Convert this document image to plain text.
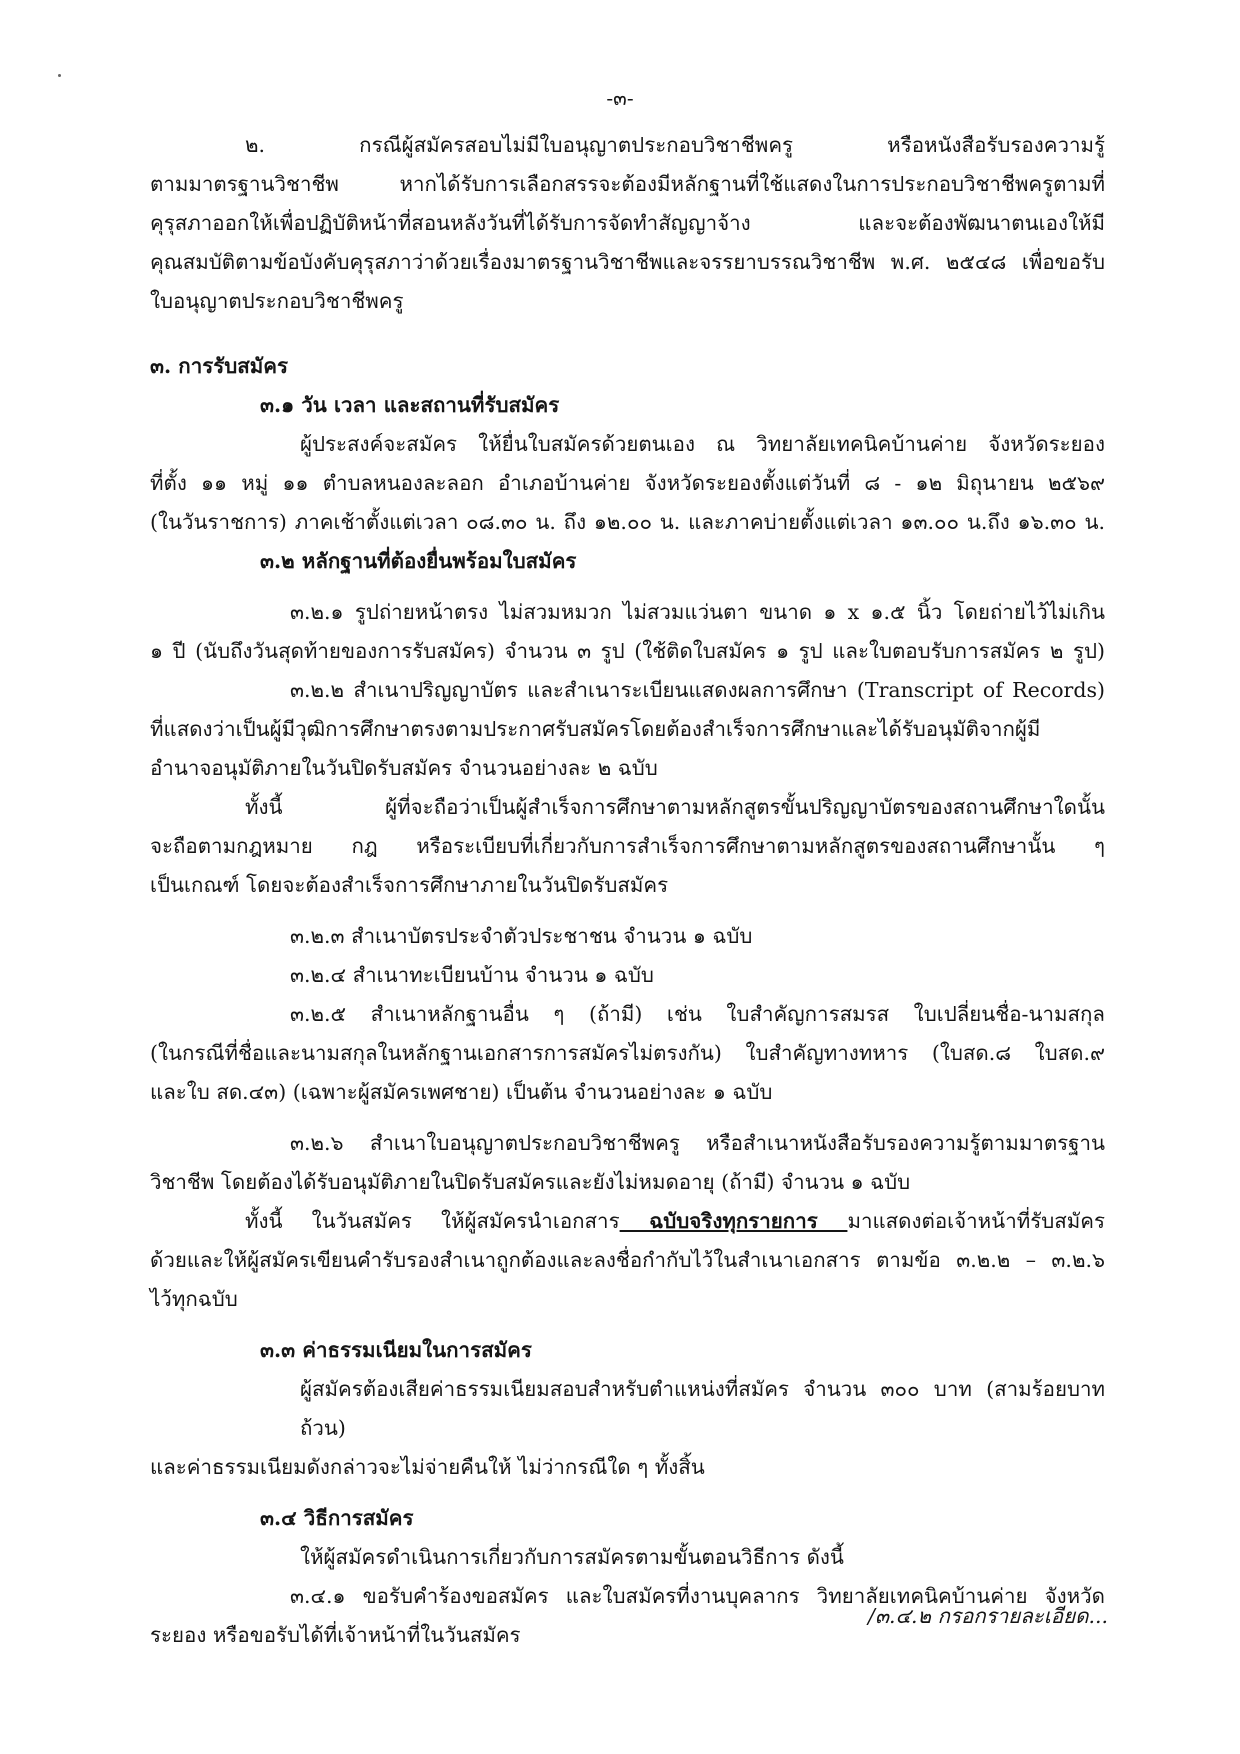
-๓-

๒. กรณีผู้สมัครสอบไม่มีใบอนุญาตประกอบวิชาชีพครู หรือหนังสือรับรองความรู้

ตามมาตรฐานวิชาชีพ หากได้รับการเลือกสรรจะต้องมีหลักฐานที่ใช้แสดงในการประกอบวิชาชีพครูตามที่

คุรุสภาออกให้เพื่อปฏิบัติหน้าที่สอนหลังวันที่ได้รับการจัดทำสัญญาจ้าง และจะต้องพัฒนาตนเองให้มี

คุณสมบัติตามข้อบังคับคุรุสภาว่าด้วยเรื่องมาตรฐานวิชาชีพและจรรยาบรรณวิชาชีพ พ.ศ. ๒๕๔๘ เพื่อขอรับ

ใบอนุญาตประกอบวิชาชีพครู

๓. การรับสมัคร

๓.๑ วัน เวลา และสถานที่รับสมัคร

ผู้ประสงค์จะสมัคร ให้ยื่นใบสมัครด้วยตนเอง ณ วิทยาลัยเทคนิคบ้านค่าย จังหวัดระยอง

ที่ตั้ง ๑๑ หมู่ ๑๑ ตำบลหนองละลอก อำเภอบ้านค่าย จังหวัดระยองตั้งแต่วันที่ ๘ - ๑๒ มิถุนายน ๒๕๖๙

(ในวันราชการ) ภาคเช้าตั้งแต่เวลา ๐๘.๓๐ น. ถึง ๑๒.๐๐ น. และภาคบ่ายตั้งแต่เวลา ๑๓.๐๐ น.ถึง ๑๖.๓๐ น.

๓.๒ หลักฐานที่ต้องยื่นพร้อมใบสมัคร

๓.๒.๑ รูปถ่ายหน้าตรง ไม่สวมหมวก ไม่สวมแว่นตา ขนาด ๑ x ๑.๕ นิ้ว โดยถ่ายไว้ไม่เกิน

๑ ปี (นับถึงวันสุดท้ายของการรับสมัคร) จำนวน ๓ รูป (ใช้ติดใบสมัคร ๑ รูป และใบตอบรับการสมัคร ๒ รูป)

๓.๒.๒ สำเนาปริญญาบัตร และสำเนาระเบียนแสดงผลการศึกษา (Transcript of Records)

ที่แสดงว่าเป็นผู้มีวุฒิการศึกษาตรงตามประกาศรับสมัครโดยต้องสำเร็จการศึกษาและได้รับอนุมัติจากผู้มี

อำนาจอนุมัติภายในวันปิดรับสมัคร จำนวนอย่างละ ๒ ฉบับ

ทั้งนี้ ผู้ที่จะถือว่าเป็นผู้สำเร็จการศึกษาตามหลักสูตรขั้นปริญญาบัตรของสถานศึกษาใดนั้น

จะถือตามกฎหมาย กฎ หรือระเบียบที่เกี่ยวกับการสำเร็จการศึกษาตามหลักสูตรของสถานศึกษานั้น ๆ

เป็นเกณฑ์ โดยจะต้องสำเร็จการศึกษาภายในวันปิดรับสมัคร

๓.๒.๓ สำเนาบัตรประจำตัวประชาชน จำนวน ๑ ฉบับ

๓.๒.๔ สำเนาทะเบียนบ้าน จำนวน ๑ ฉบับ

๓.๒.๕ สำเนาหลักฐานอื่น ๆ (ถ้ามี) เช่น ใบสำคัญการสมรส ใบเปลี่ยนชื่อ-นามสกุล

(ในกรณีที่ชื่อและนามสกุลในหลักฐานเอกสารการสมัครไม่ตรงกัน) ใบสำคัญทางทหาร (ใบสด.๘ ใบสด.๙

และใบ สด.๔๓) (เฉพาะผู้สมัครเพศชาย) เป็นต้น จำนวนอย่างละ ๑ ฉบับ

๓.๒.๖ สำเนาใบอนุญาตประกอบวิชาชีพครู หรือสำเนาหนังสือรับรองความรู้ตามมาตรฐาน

วิชาชีพ โดยต้องได้รับอนุมัติภายในปิดรับสมัครและยังไม่หมดอายุ (ถ้ามี) จำนวน ๑ ฉบับ

ทั้งนี้ ในวันสมัคร ให้ผู้สมัครนำเอกสาร ฉบับจริงทุกรายการ มาแสดงต่อเจ้าหน้าที่รับสมัคร

ด้วยและให้ผู้สมัครเขียนคำรับรองสำเนาถูกต้องและลงชื่อกำกับไว้ในสำเนาเอกสาร ตามข้อ ๓.๒.๒ – ๓.๒.๖

ไว้ทุกฉบับ

๓.๓ ค่าธรรมเนียมในการสมัคร

ผู้สมัครต้องเสียค่าธรรมเนียมสอบสำหรับตำแหน่งที่สมัคร จำนวน ๓๐๐ บาท (สามร้อยบาทถ้วน)

และค่าธรรมเนียมดังกล่าวจะไม่จ่ายคืนให้ ไม่ว่ากรณีใด ๆ ทั้งสิ้น

๓.๔ วิธีการสมัคร

ให้ผู้สมัครดำเนินการเกี่ยวกับการสมัครตามขั้นตอนวิธีการ ดังนี้

๓.๔.๑ ขอรับคำร้องขอสมัคร และใบสมัครที่งานบุคลากร วิทยาลัยเทคนิคบ้านค่าย จังหวัด

ระยอง หรือขอรับได้ที่เจ้าหน้าที่ในวันสมัคร

/๓.๔.๒ กรอกรายละเอียด...
